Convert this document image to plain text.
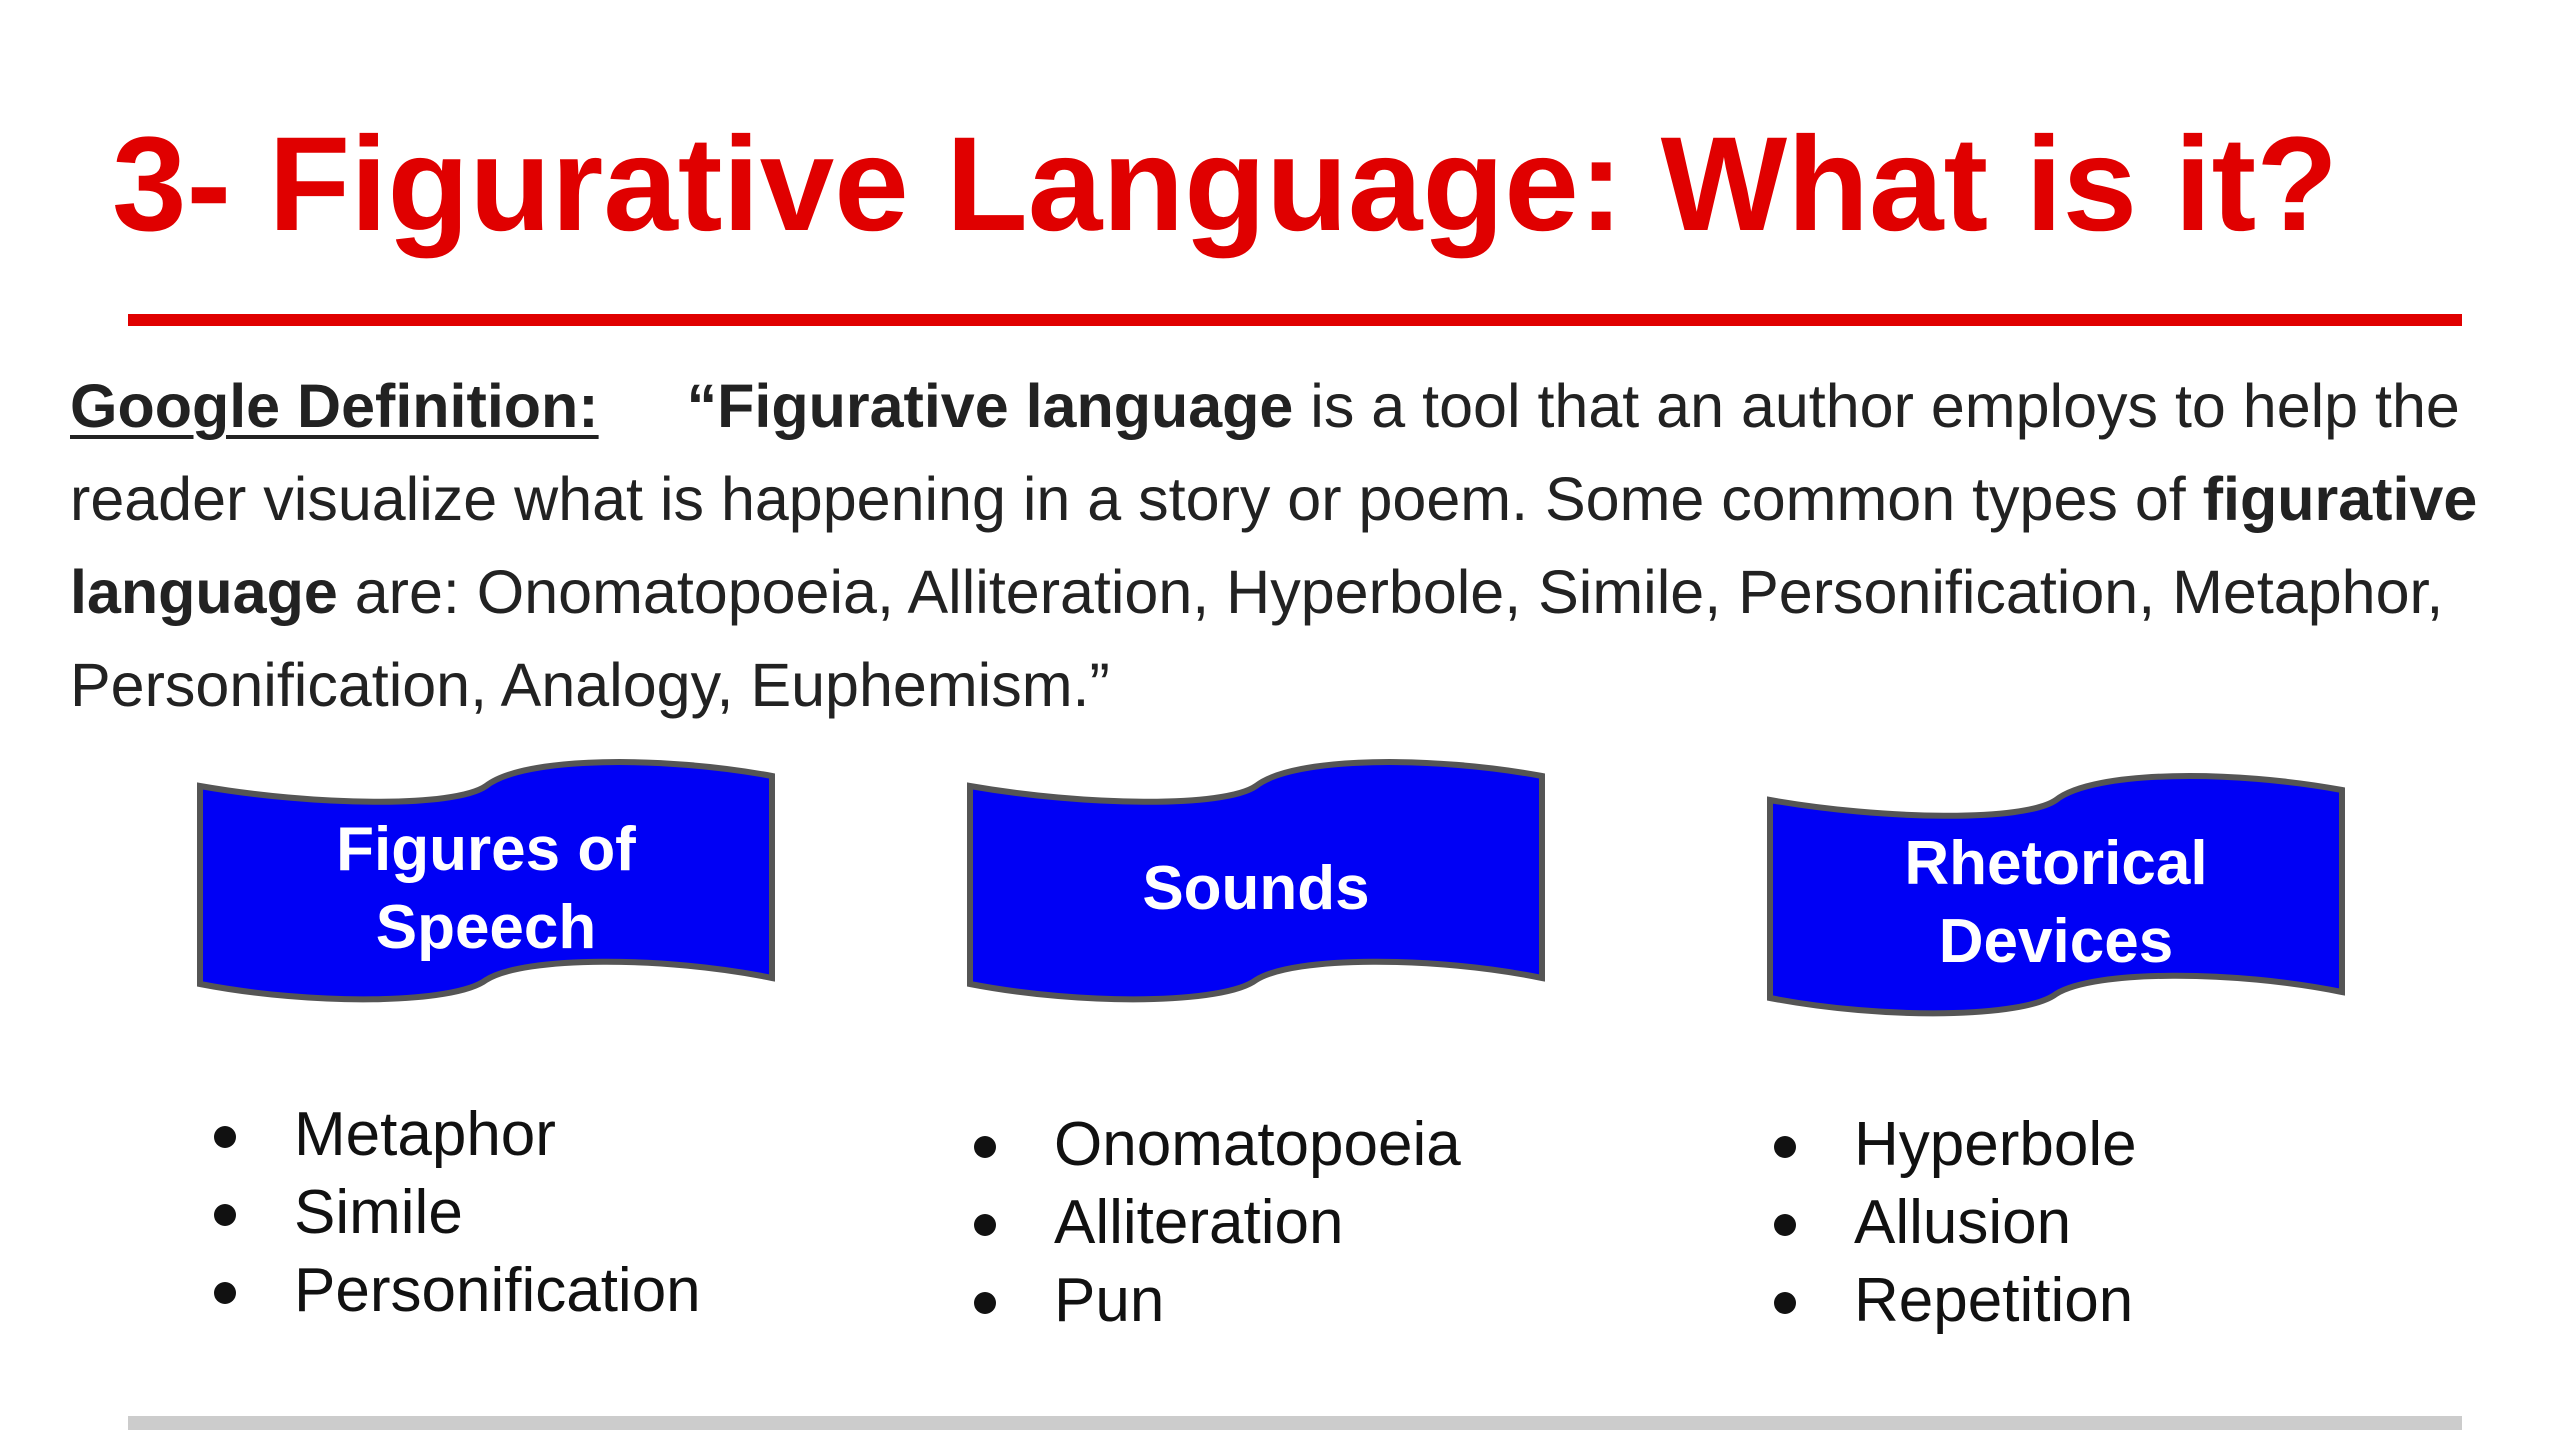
3- Figurative Language: What is it?

Google Definition: “Figurative language is a tool that an author employs to help the reader visualize what is happening in a story or poem. Some common types of figurative language are: Onomatopoeia, Alliteration, Hyperbole, Simile, Personification, Metaphor, Personification, Analogy, Euphemism.”

Figures of
Speech
Sounds	Rhetorical
Devices
Metaphor
Simile
Personification
Onomatopoeia
Alliteration
Pun
Hyperbole
Allusion
Repetition
